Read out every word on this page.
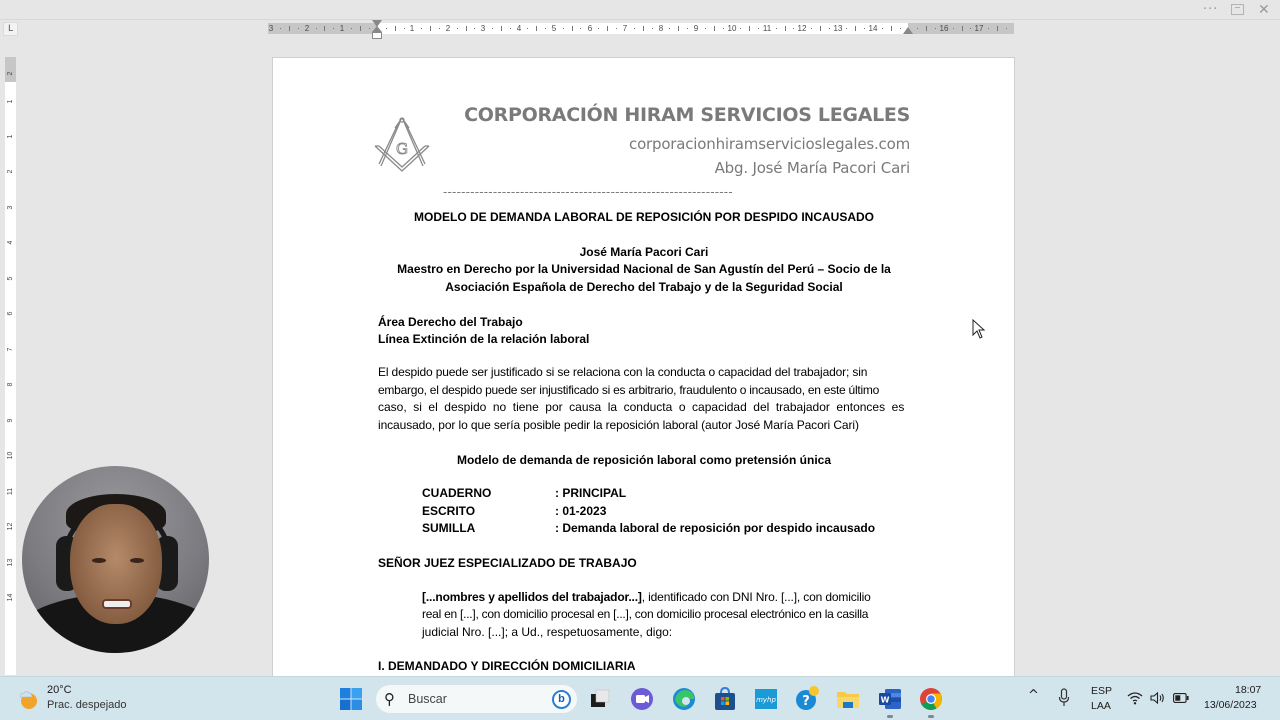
···	✕
L	3	2	1	1	2	3	4	5	6	7	8	9	10	11	12	13	14	16	17
2
1
1
2
3
4
5
6
7
8
9
10
11
12
13
14
G
CORPORACIÓN HIRAM SERVICIOS LEGALES
corporacionhiramservicioslegales.com
Abg. José María Pacori Cari
----------------------------------------------------------------
MODELO DE DEMANDA LABORAL DE REPOSICIÓN POR DESPIDO INCAUSADO
José María Pacori Cari
Maestro en Derecho por la Universidad Nacional de San Agustín del Perú – Socio de la
Asociación Española de Derecho del Trabajo y de la Seguridad Social
Área Derecho del Trabajo
Línea Extinción de la relación laboral
El despido puede ser justificado si se relaciona con la conducta o capacidad del trabajador; sin
embargo, el despido puede ser injustificado si es arbitrario, fraudulento o incausado, en este último
caso, si el despido no tiene por causa la conducta o capacidad del trabajador entonces es
incausado, por lo que sería posible pedir la reposición laboral (autor José María Pacori Cari)
Modelo de demanda de reposición laboral como pretensión única
CUADERNO	: PRINCIPAL
ESCRITO	: 01-2023
SUMILLA	: Demanda laboral de reposición por despido incausado
SEÑOR JUEZ ESPECIALIZADO DE TRABAJO
[...nombres y apellidos del trabajador...], identificado con DNI Nro. [...], con domicilio
real en [...], con domicilio procesal en [...], con domicilio procesal electrónico en la casilla
judicial Nro. [...]; a Ud., respetuosamente, digo:
I. DEMANDADO Y DIRECCIÓN DOMICILIARIA
20°C
Prac. despejado	⚲ Buscar	b	myhp ?	W	^	ESP
LAA
18:07
13/06/2023
